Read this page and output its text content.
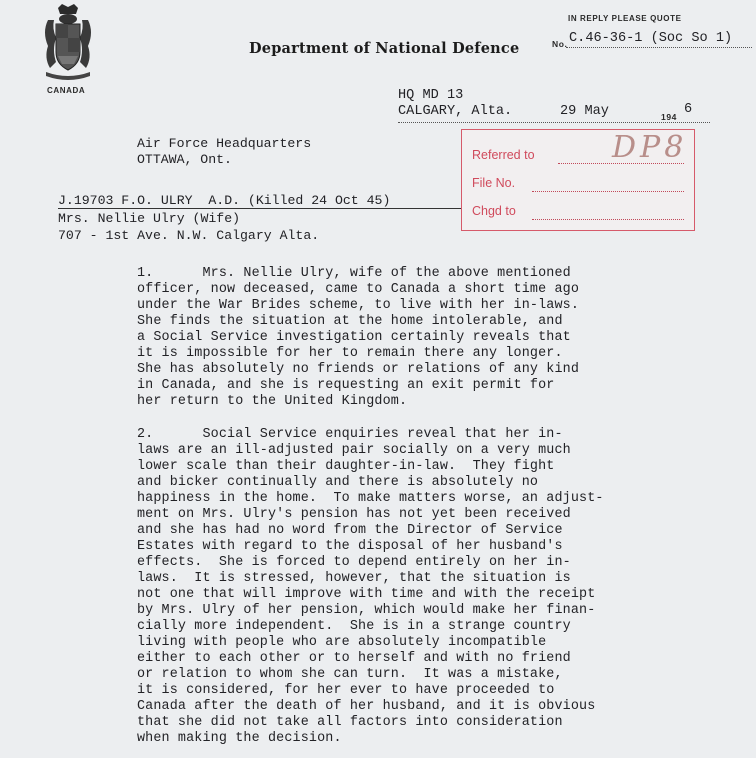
CANADA
Department of National Defence
IN REPLY PLEASE QUOTE
No. C.46-36-1 (Soc So 1)
HQ MD 13
CALGARY, Alta.	29 May	194 6
Air Force Headquarters
OTTAWA, Ont.
J.19703 F.O. ULRY  A.D. (Killed 24 Oct 45)
Mrs. Nellie Ulry (Wife)
707 - 1st Ave. N.W. Calgary Alta.
Referred to
File No.
Chgd to
DP8
1.      Mrs. Nellie Ulry, wife of the above mentioned
officer, now deceased, came to Canada a short time ago
under the War Brides scheme, to live with her in-laws.
She finds the situation at the home intolerable, and
a Social Service investigation certainly reveals that
it is impossible for her to remain there any longer.
She has absolutely no friends or relations of any kind
in Canada, and she is requesting an exit permit for
her return to the United Kingdom.
2.      Social Service enquiries reveal that her in-
laws are an ill-adjusted pair socially on a very much
lower scale than their daughter-in-law.  They fight
and bicker continually and there is absolutely no
happiness in the home.  To make matters worse, an adjust-
ment on Mrs. Ulry's pension has not yet been received
and she has had no word from the Director of Service
Estates with regard to the disposal of her husband's
effects.  She is forced to depend entirely on her in-
laws.  It is stressed, however, that the situation is
not one that will improve with time and with the receipt
by Mrs. Ulry of her pension, which would make her finan-
cially more independent.  She is in a strange country
living with people who are absolutely incompatible
either to each other or to herself and with no friend
or relation to whom she can turn.  It was a mistake,
it is considered, for her ever to have proceeded to
Canada after the death of her husband, and it is obvious
that she did not take all factors into consideration
when making the decision.
